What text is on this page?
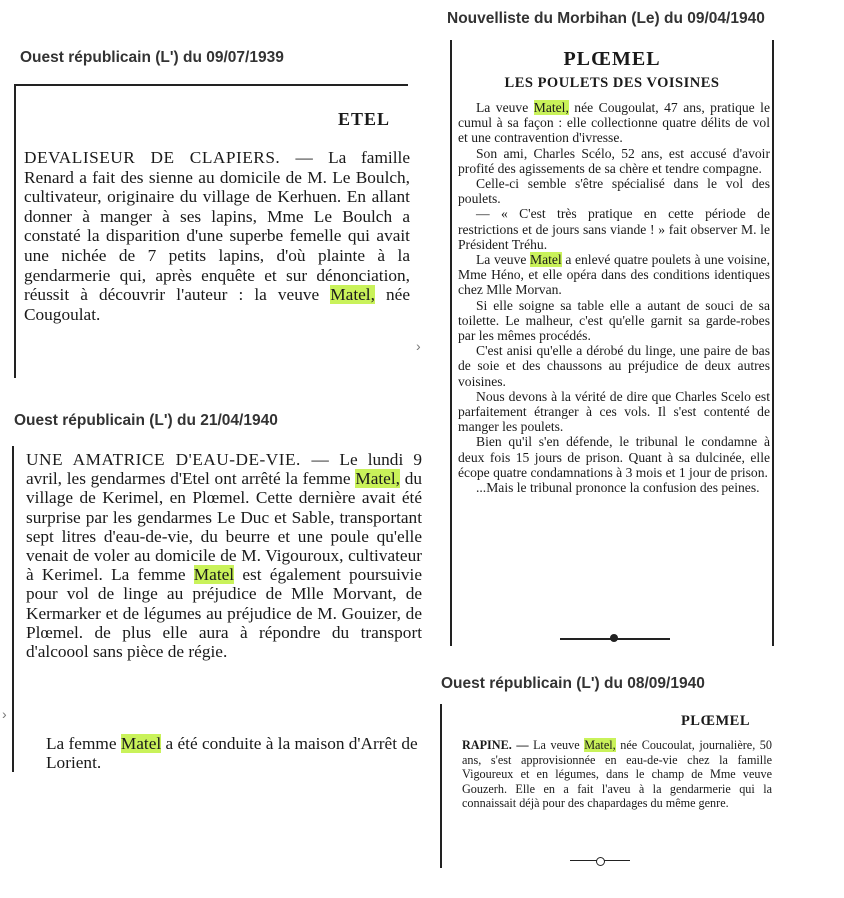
Ouest républicain (L') du 09/07/1939
Ouest républicain (L') du 21/04/1940
Nouvelliste du Morbihan (Le) du 09/04/1940
Ouest républicain (L') du 08/09/1940
ETEL

DEVALISEUR DE CLAPIERS. — La famille Renard a fait des sienne au domicile de M. Le Boulch, cultivateur, originaire du village de Kerhuen. En allant donner à manger à ses lapins, Mme Le Boulch a constaté la disparition d'une superbe femelle qui avait une nichée de 7 petits lapins, d'où plainte à la gendarmerie qui, après enquête et sur dénonciation, réussit à découvrir l'auteur : la veuve Matel, née Cougoulat.

›

UNE AMATRICE D'EAU-DE-VIE. — Le lundi 9 avril, les gendarmes d'Etel ont arrêté la femme Matel, du village de Kerimel, en Plœmel. Cette dernière avait été surprise par les gendarmes Le Duc et Sable, transportant sept litres d'eau-de-vie, du beurre et une poule qu'elle venait de voler au domicile de M. Vigouroux, cultivateur à Kerimel. La femme Matel est également poursuivie pour vol de linge au préjudice de Mlle Morvant, de Kermarker et de légumes au préjudice de M. Gouizer, de Plœmel. de plus elle aura à répondre du transport d'alcoool sans pièce de régie.

La femme Matel a été conduite à la maison d'Arrêt de Lorient.

›
PLŒMEL
LES POULETS DES VOISINES

La veuve Matel, née Cougoulat, 47 ans, pratique le cumul à sa façon : elle collectionne quatre délits de vol et une contravention d'ivresse.

Son ami, Charles Scélo, 52 ans, est accusé d'avoir profité des agissements de sa chère et tendre compagne.

Celle-ci semble s'être spécialisé dans le vol des poulets.

— « C'est très pratique en cette période de restrictions et de jours sans viande ! » fait observer M. le Président Tréhu.

La veuve Matel a enlevé quatre poulets à une voisine, Mme Héno, et elle opéra dans des conditions identiques chez Mlle Morvan.

Si elle soigne sa table elle a autant de souci de sa toilette. Le malheur, c'est qu'elle garnit sa garde-robes par les mêmes procédés.

C'est anisi qu'elle a dérobé du linge, une paire de bas de soie et des chaussons au préjudice de deux autres voisines.

Nous devons à la vérité de dire que Charles Scelo est parfaitement étranger à ces vols. Il s'est contenté de manger les poulets.

Bien qu'il s'en défende, le tribunal le condamne à deux fois 15 jours de prison. Quant à sa dulcinée, elle écope quatre condamnations à 3 mois et 1 jour de prison.

...Mais le tribunal prononce la confusion des peines.

PLŒMEL

RAPINE. — La veuve Matel, née Coucoulat, journalière, 50 ans, s'est approvisionnée en eau-de-vie chez la famille Vigoureux et en légumes, dans le champ de Mme veuve Gouzerh. Elle en a fait l'aveu à la gendarmerie qui la connaissait déjà pour des chapardages du même genre.
